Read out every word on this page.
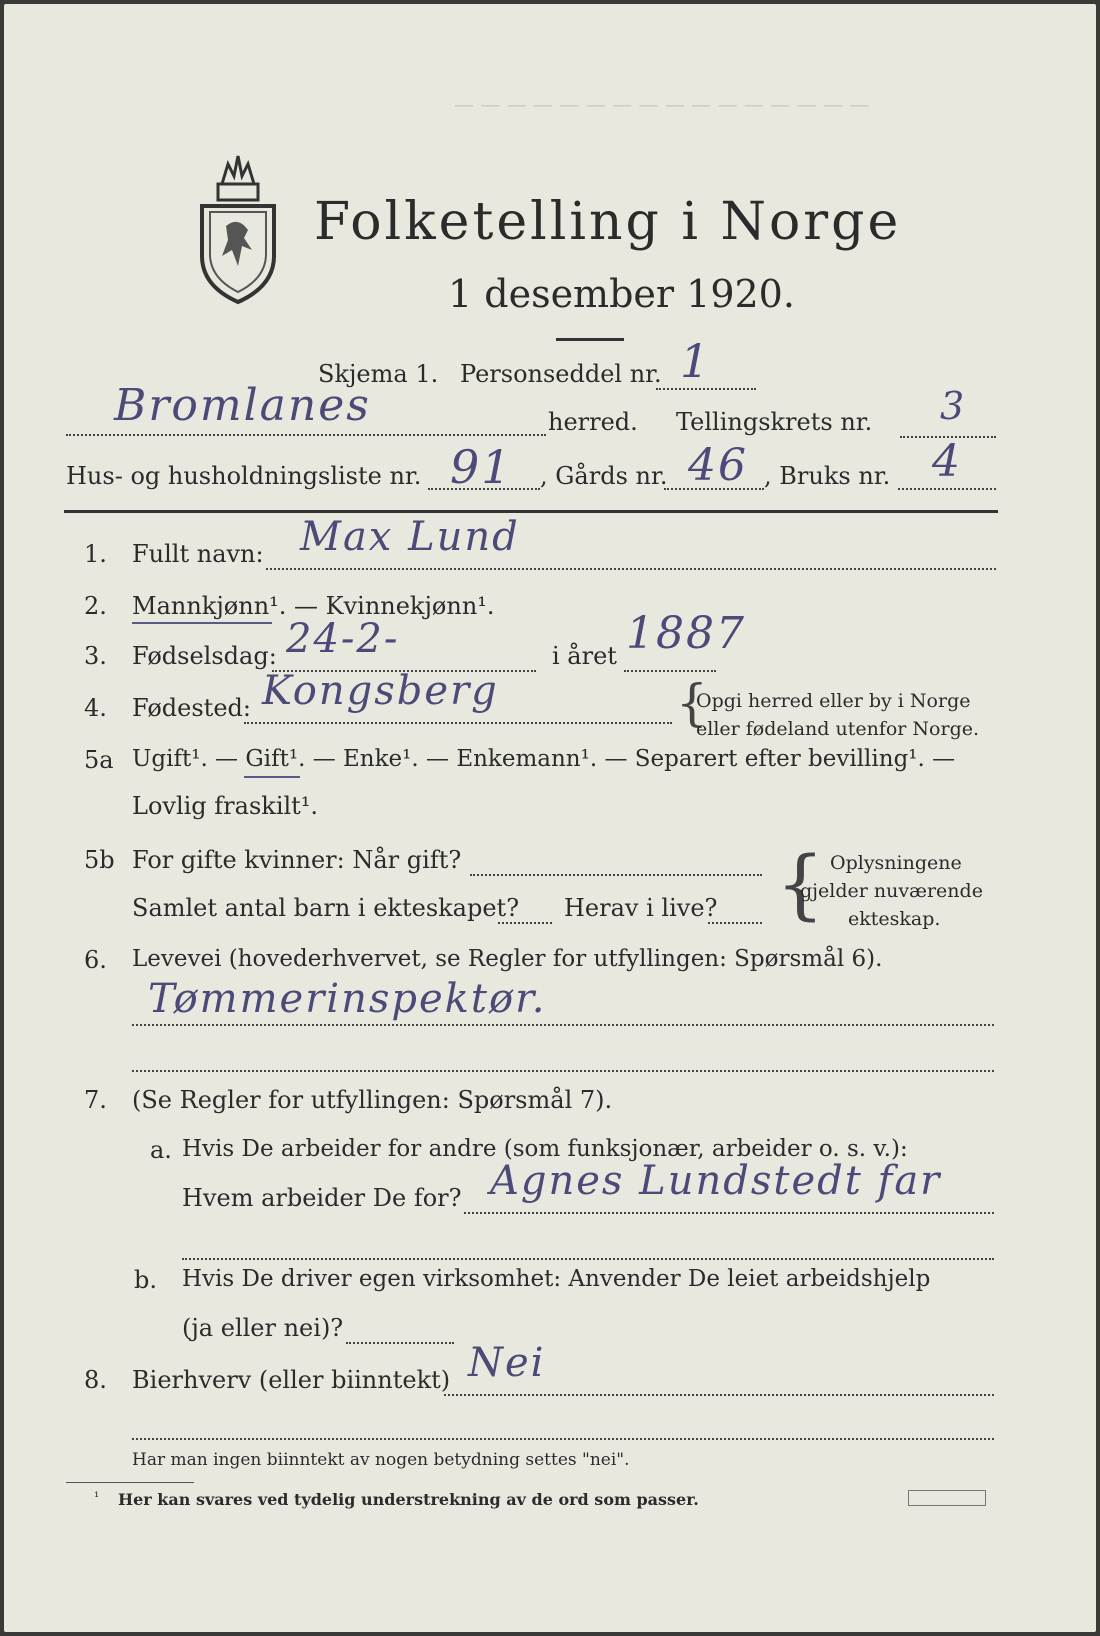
— — — — — — — — — — — — — — — —
Folketelling i Norge
1 desember 1920.
Skjema 1. Personseddel nr. 1
Bromlanes	herred. Tellingskrets nr. 3
Hus- og husholdningsliste nr. 91 , Gårds nr. 46 , Bruks nr. 4
1. Fullt navn: Max Lund
2. Mannkjønn¹. — Kvinnekjønn¹.
3. Fødselsdag: 24-2-	i året 1887
4. Fødested: Kongsberg	{
Opgi herred eller by i Norge
eller fødeland utenfor Norge.
5a Ugift¹. — Gift¹. — Enke¹. — Enkemann¹. — Separert efter bevilling¹. —
Lovlig fraskilt¹.
5b For gifte kvinner: Når gift?
Samlet antal barn i ekteskapet? Herav i live? { Oplysningene
gjelder nuværende
ekteskap.
6. Levevei (hovederhvervet, se Regler for utfyllingen: Spørsmål 6).
Tømmerinspektør.
7. (Se Regler for utfyllingen: Spørsmål 7).
a. Hvis De arbeider for andre (som funksjonær, arbeider o. s. v.):
Hvem arbeider De for? Agnes Lundstedt far
b. Hvis De driver egen virksomhet: Anvender De leiet arbeidshjelp
(ja eller nei)?
8. Bierhverv (eller biinntekt) Nei
Har man ingen biinntekt av nogen betydning settes "nei".
¹ Her kan svares ved tydelig understrekning av de ord som passer.
